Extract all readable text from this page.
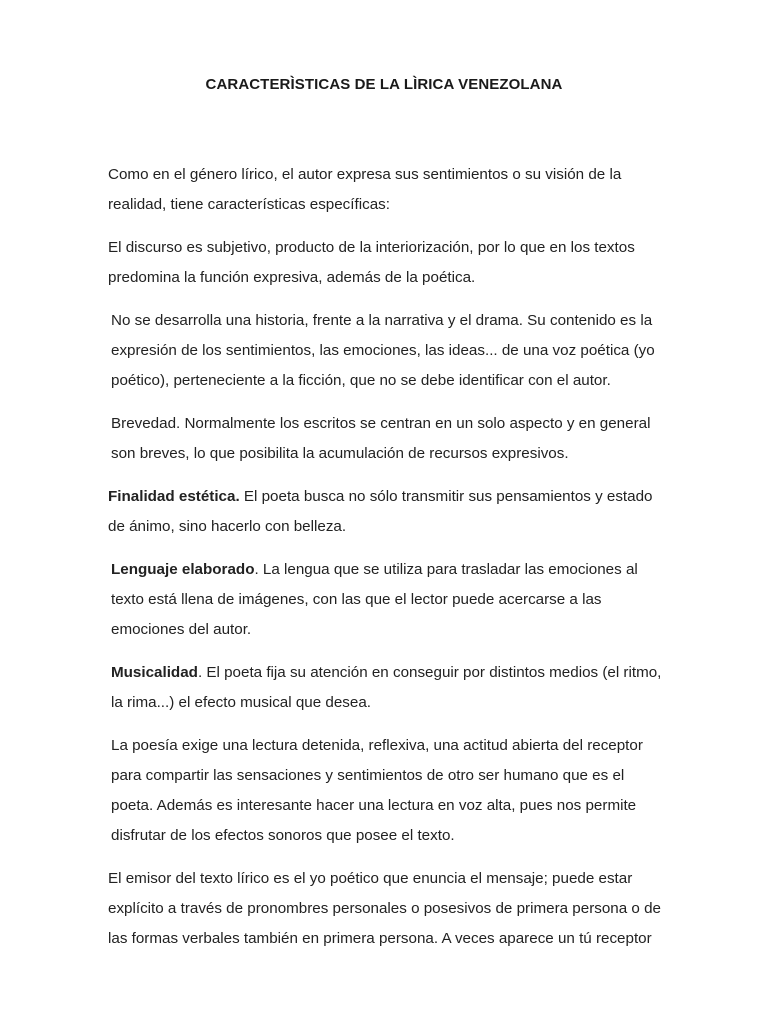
CARACTERÌSTICAS DE LA LÌRICA VENEZOLANA

Como en el género lírico, el autor expresa sus sentimientos o su visión de la realidad, tiene características específicas:

El discurso es subjetivo, producto de la interiorización, por lo que en los textos predomina la función expresiva, además de la poética.

No se desarrolla una historia, frente a la narrativa y el drama. Su contenido es la expresión de los sentimientos, las emociones, las ideas... de una voz poética (yo poético), perteneciente a la ficción, que no se debe identificar con el autor.

Brevedad. Normalmente los escritos se centran en un solo aspecto y en general son breves, lo que posibilita la acumulación de recursos expresivos.

Finalidad estética. El poeta busca no sólo transmitir sus pensamientos y estado de ánimo, sino hacerlo con belleza.

Lenguaje elaborado. La lengua que se utiliza para trasladar las emociones al texto está llena de imágenes, con las que el lector puede acercarse a las emociones del autor.

Musicalidad. El poeta fija su atención en conseguir por distintos medios (el ritmo, la rima...) el efecto musical que desea.

La poesía exige una lectura detenida, reflexiva, una actitud abierta del receptor para compartir las sensaciones y sentimientos de otro ser humano que es el poeta. Además es interesante hacer una lectura en voz alta, pues nos permite disfrutar de los efectos sonoros que posee el texto.

El emisor del texto lírico es el yo poético que enuncia el mensaje; puede estar explícito a través de pronombres personales o posesivos de primera persona o de las formas verbales también en primera persona. A veces aparece un tú receptor
